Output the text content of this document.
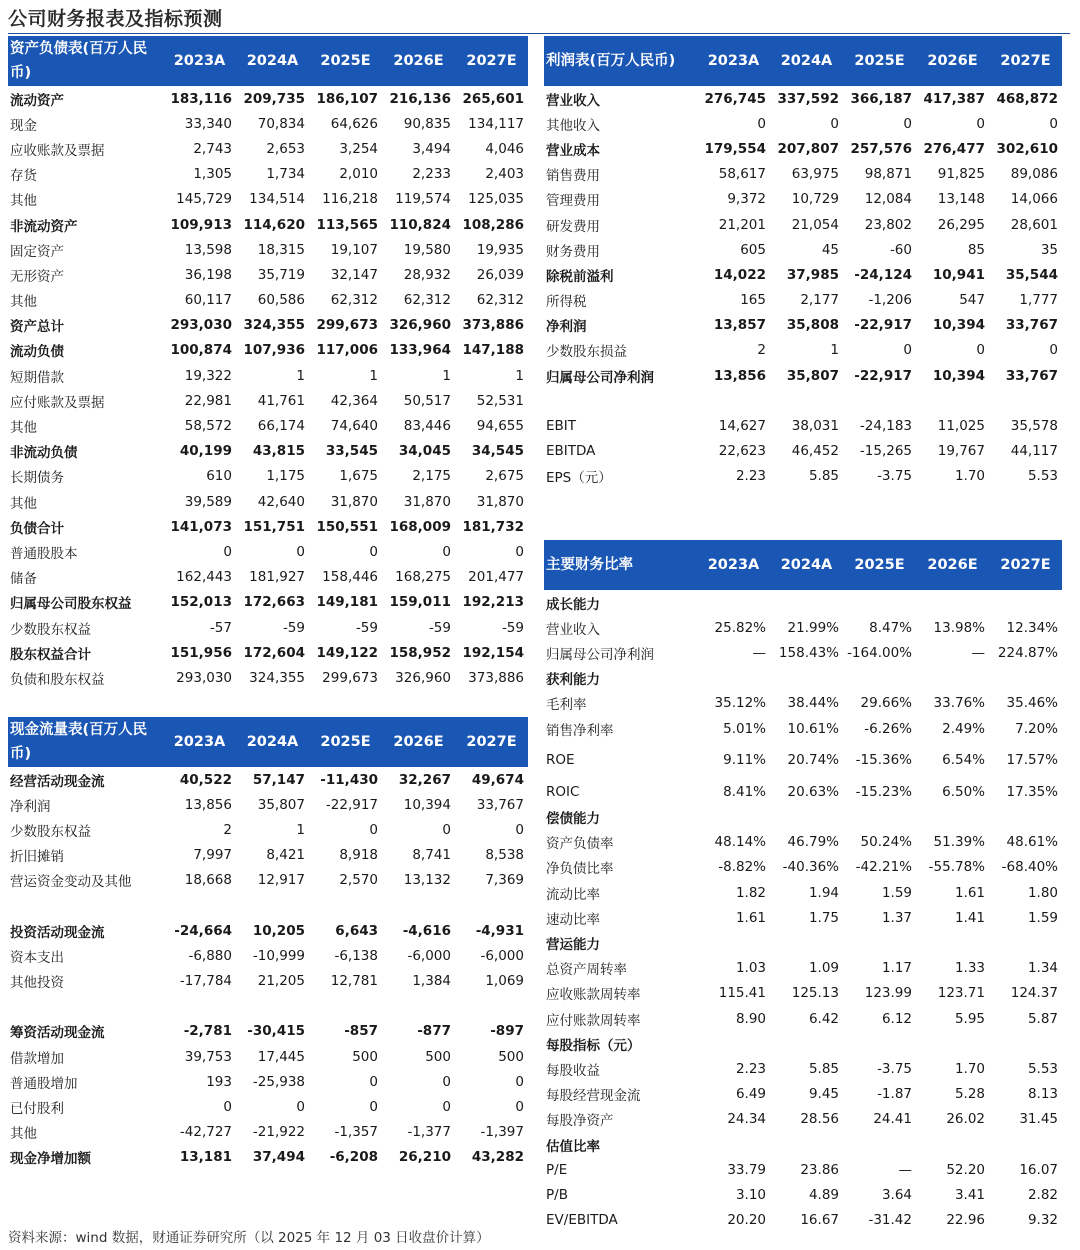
公司财务报表及指标预测
资产负债表(百万人民币)	2023A	2024A	2025E	2026E	2027E
流动资产	183,116	209,735	186,107	216,136	265,601
现金	33,340	70,834	64,626	90,835	134,117
应收账款及票据	2,743	2,653	3,254	3,494	4,046
存货	1,305	1,734	2,010	2,233	2,403
其他	145,729	134,514	116,218	119,574	125,035
非流动资产	109,913	114,620	113,565	110,824	108,286
固定资产	13,598	18,315	19,107	19,580	19,935
无形资产	36,198	35,719	32,147	28,932	26,039
其他	60,117	60,586	62,312	62,312	62,312
资产总计	293,030	324,355	299,673	326,960	373,886
流动负债	100,874	107,936	117,006	133,964	147,188
短期借款	19,322	1	1	1	1
应付账款及票据	22,981	41,761	42,364	50,517	52,531
其他	58,572	66,174	74,640	83,446	94,655
非流动负债	40,199	43,815	33,545	34,045	34,545
长期债务	610	1,175	1,675	2,175	2,675
其他	39,589	42,640	31,870	31,870	31,870
负债合计	141,073	151,751	150,551	168,009	181,732
普通股股本	0	0	0	0	0
储备	162,443	181,927	158,446	168,275	201,477
归属母公司股东权益	152,013	172,663	149,181	159,011	192,213
少数股东权益	-57	-59	-59	-59	-59
股东权益合计	151,956	172,604	149,122	158,952	192,154
负债和股东权益	293,030	324,355	299,673	326,960	373,886
现金流量表(百万人民币)	2023A	2024A	2025E	2026E	2027E
经营活动现金流	40,522	57,147	-11,430	32,267	49,674
净利润	13,856	35,807	-22,917	10,394	33,767
少数股东权益	2	1	0	0	0
折旧摊销	7,997	8,421	8,918	8,741	8,538
营运资金变动及其他	18,668	12,917	2,570	13,132	7,369

投资活动现金流	-24,664	10,205	6,643	-4,616	-4,931
资本支出	-6,880	-10,999	-6,138	-6,000	-6,000
其他投资	-17,784	21,205	12,781	1,384	1,069

筹资活动现金流	-2,781	-30,415	-857	-877	-897
借款增加	39,753	17,445	500	500	500
普通股增加	193	-25,938	0	0	0
已付股利	0	0	0	0	0
其他	-42,727	-21,922	-1,357	-1,377	-1,397
现金净增加额	13,181	37,494	-6,208	26,210	43,282
利润表(百万人民币)	2023A	2024A	2025E	2026E	2027E
营业收入	276,745	337,592	366,187	417,387	468,872
其他收入	0	0	0	0	0
营业成本	179,554	207,807	257,576	276,477	302,610
销售费用	58,617	63,975	98,871	91,825	89,086
管理费用	9,372	10,729	12,084	13,148	14,066
研发费用	21,201	21,054	23,802	26,295	28,601
财务费用	605	45	-60	85	35
除税前溢利	14,022	37,985	-24,124	10,941	35,544
所得税	165	2,177	-1,206	547	1,777
净利润	13,857	35,808	-22,917	10,394	33,767
少数股东损益	2	1	0	0	0
归属母公司净利润	13,856	35,807	-22,917	10,394	33,767

EBIT	14,627	38,031	-24,183	11,025	35,578
EBITDA	22,623	46,452	-15,265	19,767	44,117
EPS（元）	2.23	5.85	-3.75	1.70	5.53
主要财务比率	2023A	2024A	2025E	2026E	2027E
成长能力					
营业收入	25.82%	21.99%	8.47%	13.98%	12.34%
归属母公司净利润	—	158.43%	-164.00%	—	224.87%
获利能力					
毛利率	35.12%	38.44%	29.66%	33.76%	35.46%
销售净利率	5.01%	10.61%	-6.26%	2.49%	7.20%
ROE	9.11%	20.74%	-15.36%	6.54%	17.57%
ROIC	8.41%	20.63%	-15.23%	6.50%	17.35%
偿债能力					
资产负债率	48.14%	46.79%	50.24%	51.39%	48.61%
净负债比率	-8.82%	-40.36%	-42.21%	-55.78%	-68.40%
流动比率	1.82	1.94	1.59	1.61	1.80
速动比率	1.61	1.75	1.37	1.41	1.59
营运能力					
总资产周转率	1.03	1.09	1.17	1.33	1.34
应收账款周转率	115.41	125.13	123.99	123.71	124.37
应付账款周转率	8.90	6.42	6.12	5.95	5.87
每股指标（元）					
每股收益	2.23	5.85	-3.75	1.70	5.53
每股经营现金流	6.49	9.45	-1.87	5.28	8.13
每股净资产	24.34	28.56	24.41	26.02	31.45
估值比率					
P/E	33.79	23.86	—	52.20	16.07
P/B	3.10	4.89	3.64	3.41	2.82
EV/EBITDA	20.20	16.67	-31.42	22.96	9.32
资料来源：wind 数据，财通证券研究所（以 2025 年 12 月 03 日收盘价计算）
